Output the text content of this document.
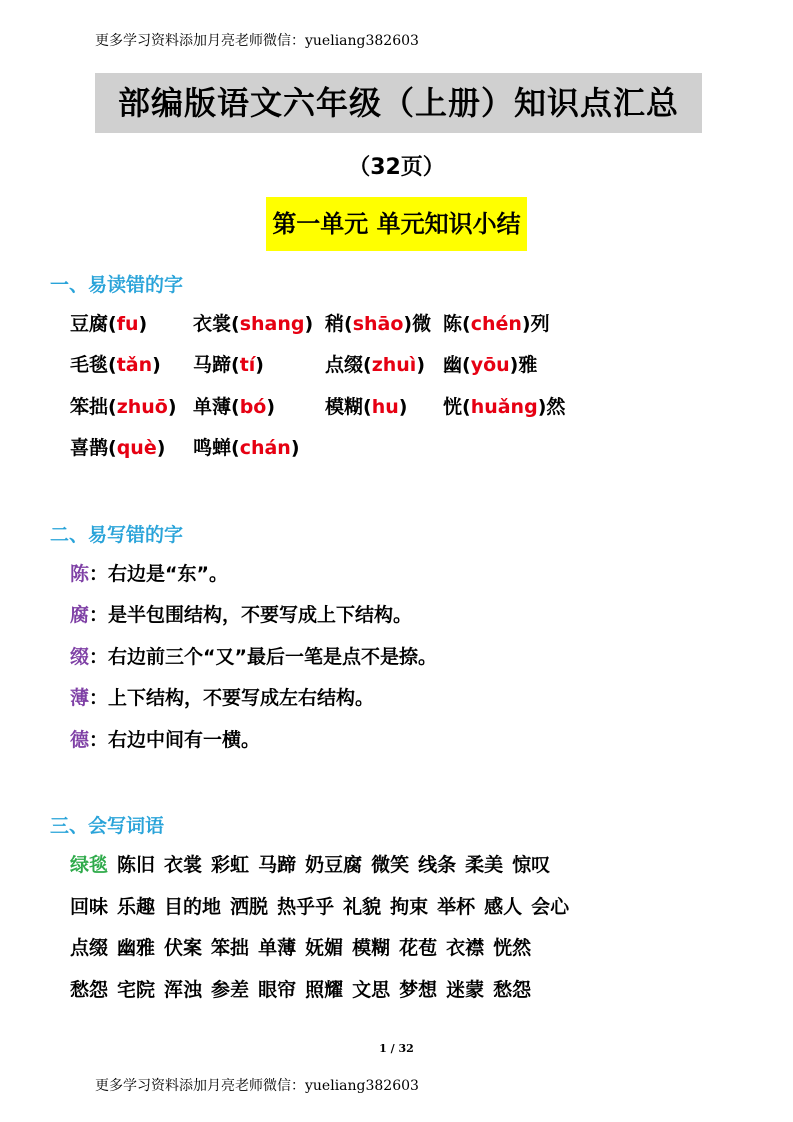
更多学习资料添加月亮老师微信：yueliang382603
部编版语文六年级（上册）知识点汇总
（32页）
第一单元 单元知识小结
一、易读错的字
豆腐(fu) 衣裳(shang) 稍(shāo)微 陈(chén)列
毛毯(tǎn) 马蹄(tí)	点缀(zhuì) 幽(yōu)雅
笨拙(zhuō) 单薄(bó)	模糊(hu) 恍(huǎng)然
喜鹊(què) 鸣蝉(chán)
二、易写错的字
陈：右边是“东”。
腐：是半包围结构，不要写成上下结构。
缀：右边前三个“又”最后一笔是点不是捺。
薄：上下结构，不要写成左右结构。
德：右边中间有一横。
三、会写词语
绿毯 陈旧 衣裳 彩虹 马蹄 奶豆腐 微笑 线条 柔美 惊叹
回味 乐趣 目的地 洒脱 热乎乎 礼貌 拘束 举杯 感人 会心
点缀 幽雅 伏案 笨拙 单薄 妩媚 模糊 花苞 衣襟 恍然
愁怨 宅院 浑浊 参差 眼帘 照耀 文思 梦想 迷蒙 愁怨
1 / 32
更多学习资料添加月亮老师微信：yueliang382603
